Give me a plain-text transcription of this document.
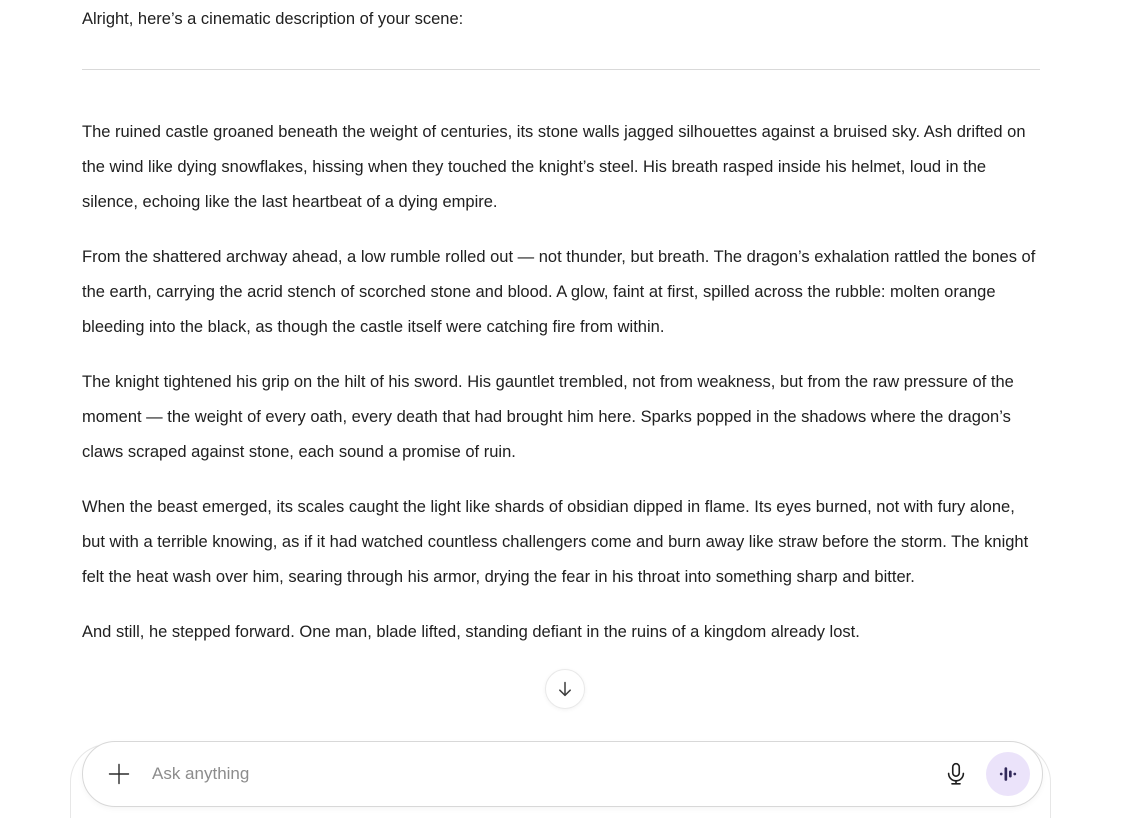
Alright, here’s a cinematic description of your scene:

The ruined castle groaned beneath the weight of centuries, its stone walls jagged silhouettes against a bruised sky. Ash drifted on the wind like dying snowflakes, hissing when they touched the knight’s steel. His breath rasped inside his helmet, loud in the silence, echoing like the last heartbeat of a dying empire.

From the shattered archway ahead, a low rumble rolled out — not thunder, but breath. The dragon’s exhalation rattled the bones of the earth, carrying the acrid stench of scorched stone and blood. A glow, faint at first, spilled across the rubble: molten orange bleeding into the black, as though the castle itself were catching fire from within.

The knight tightened his grip on the hilt of his sword. His gauntlet trembled, not from weakness, but from the raw pressure of the moment — the weight of every oath, every death that had brought him here. Sparks popped in the shadows where the dragon’s claws scraped against stone, each sound a promise of ruin.

When the beast emerged, its scales caught the light like shards of obsidian dipped in flame. Its eyes burned, not with fury alone, but with a terrible knowing, as if it had watched countless challengers come and burn away like straw before the storm. The knight felt the heat wash over him, searing through his armor, drying the fear in his throat into something sharp and bitter.

And still, he stepped forward. One man, blade lifted, standing defiant in the ruins of a kingdom already lost.

Ask anything
